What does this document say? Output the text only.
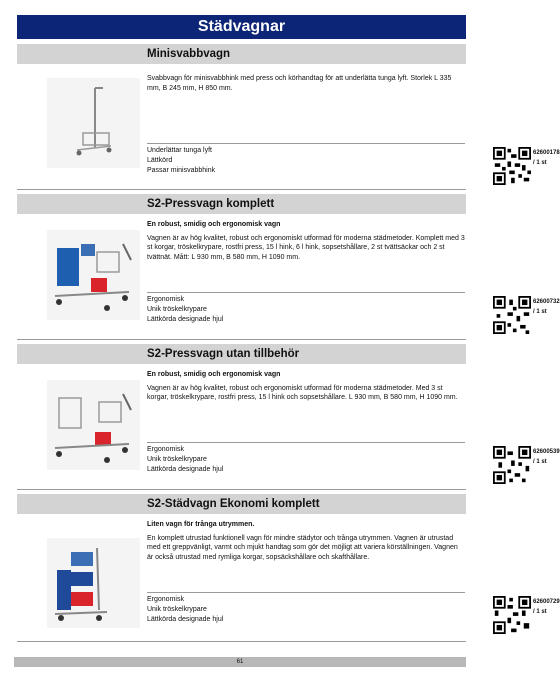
Städvagnar
Minisvabbvagn
Svabbvagn för minisvabbhink med press och körhandtag för att underlätta tunga lyft. Storlek L 335 mm, B 245 mm, H 850 mm.
Underlättar tunga lyft
Lättkörd
Passar minisvabbhink
62600178 / 1 st
S2-Pressvagn komplett
En robust, smidig och ergonomisk vagn
Vagnen är av hög kvalitet, robust och ergonomiskt utformad för moderna städmetoder. Komplett med 3 st korgar, tröskelkrypare, rostfri press, 15 l hink, 6 l hink, sopsetshållare, 2 st tvättsäckar och 2 st tvättnät. Mått: L 930 mm, B 580 mm, H 1090 mm.
Ergonomisk
Unik tröskelkrypare
Lättkörda designade hjul
62600732 / 1 st
S2-Pressvagn utan tillbehör
En robust, smidig och ergonomisk vagn
Vagnen är av hög kvalitet, robust och ergonomiskt utformad för moderna städmetoder. Med 3 st korgar, tröskelkrypare, rostfri press, 15 l hink och sopsetshållare. L 930 mm, B 580 mm, H 1090 mm.
Ergonomisk
Unik tröskelkrypare
Lättkörda designade hjul
62600539 / 1 st
S2-Städvagn Ekonomi komplett
Liten vagn för trånga utrymmen.
En komplett utrustad funktionell vagn för mindre städytor och trånga utrymmen. Vagnen är utrustad med ett greppvänligt, varmt och mjukt handtag som gör det möjligt att variera körställningen. Vagnen är också utrustad med rymliga korgar, sopsäckshållare och skafthållare.
Ergonomisk
Unik tröskelkrypare
Lättkörda designade hjul
62600729 / 1 st
61
